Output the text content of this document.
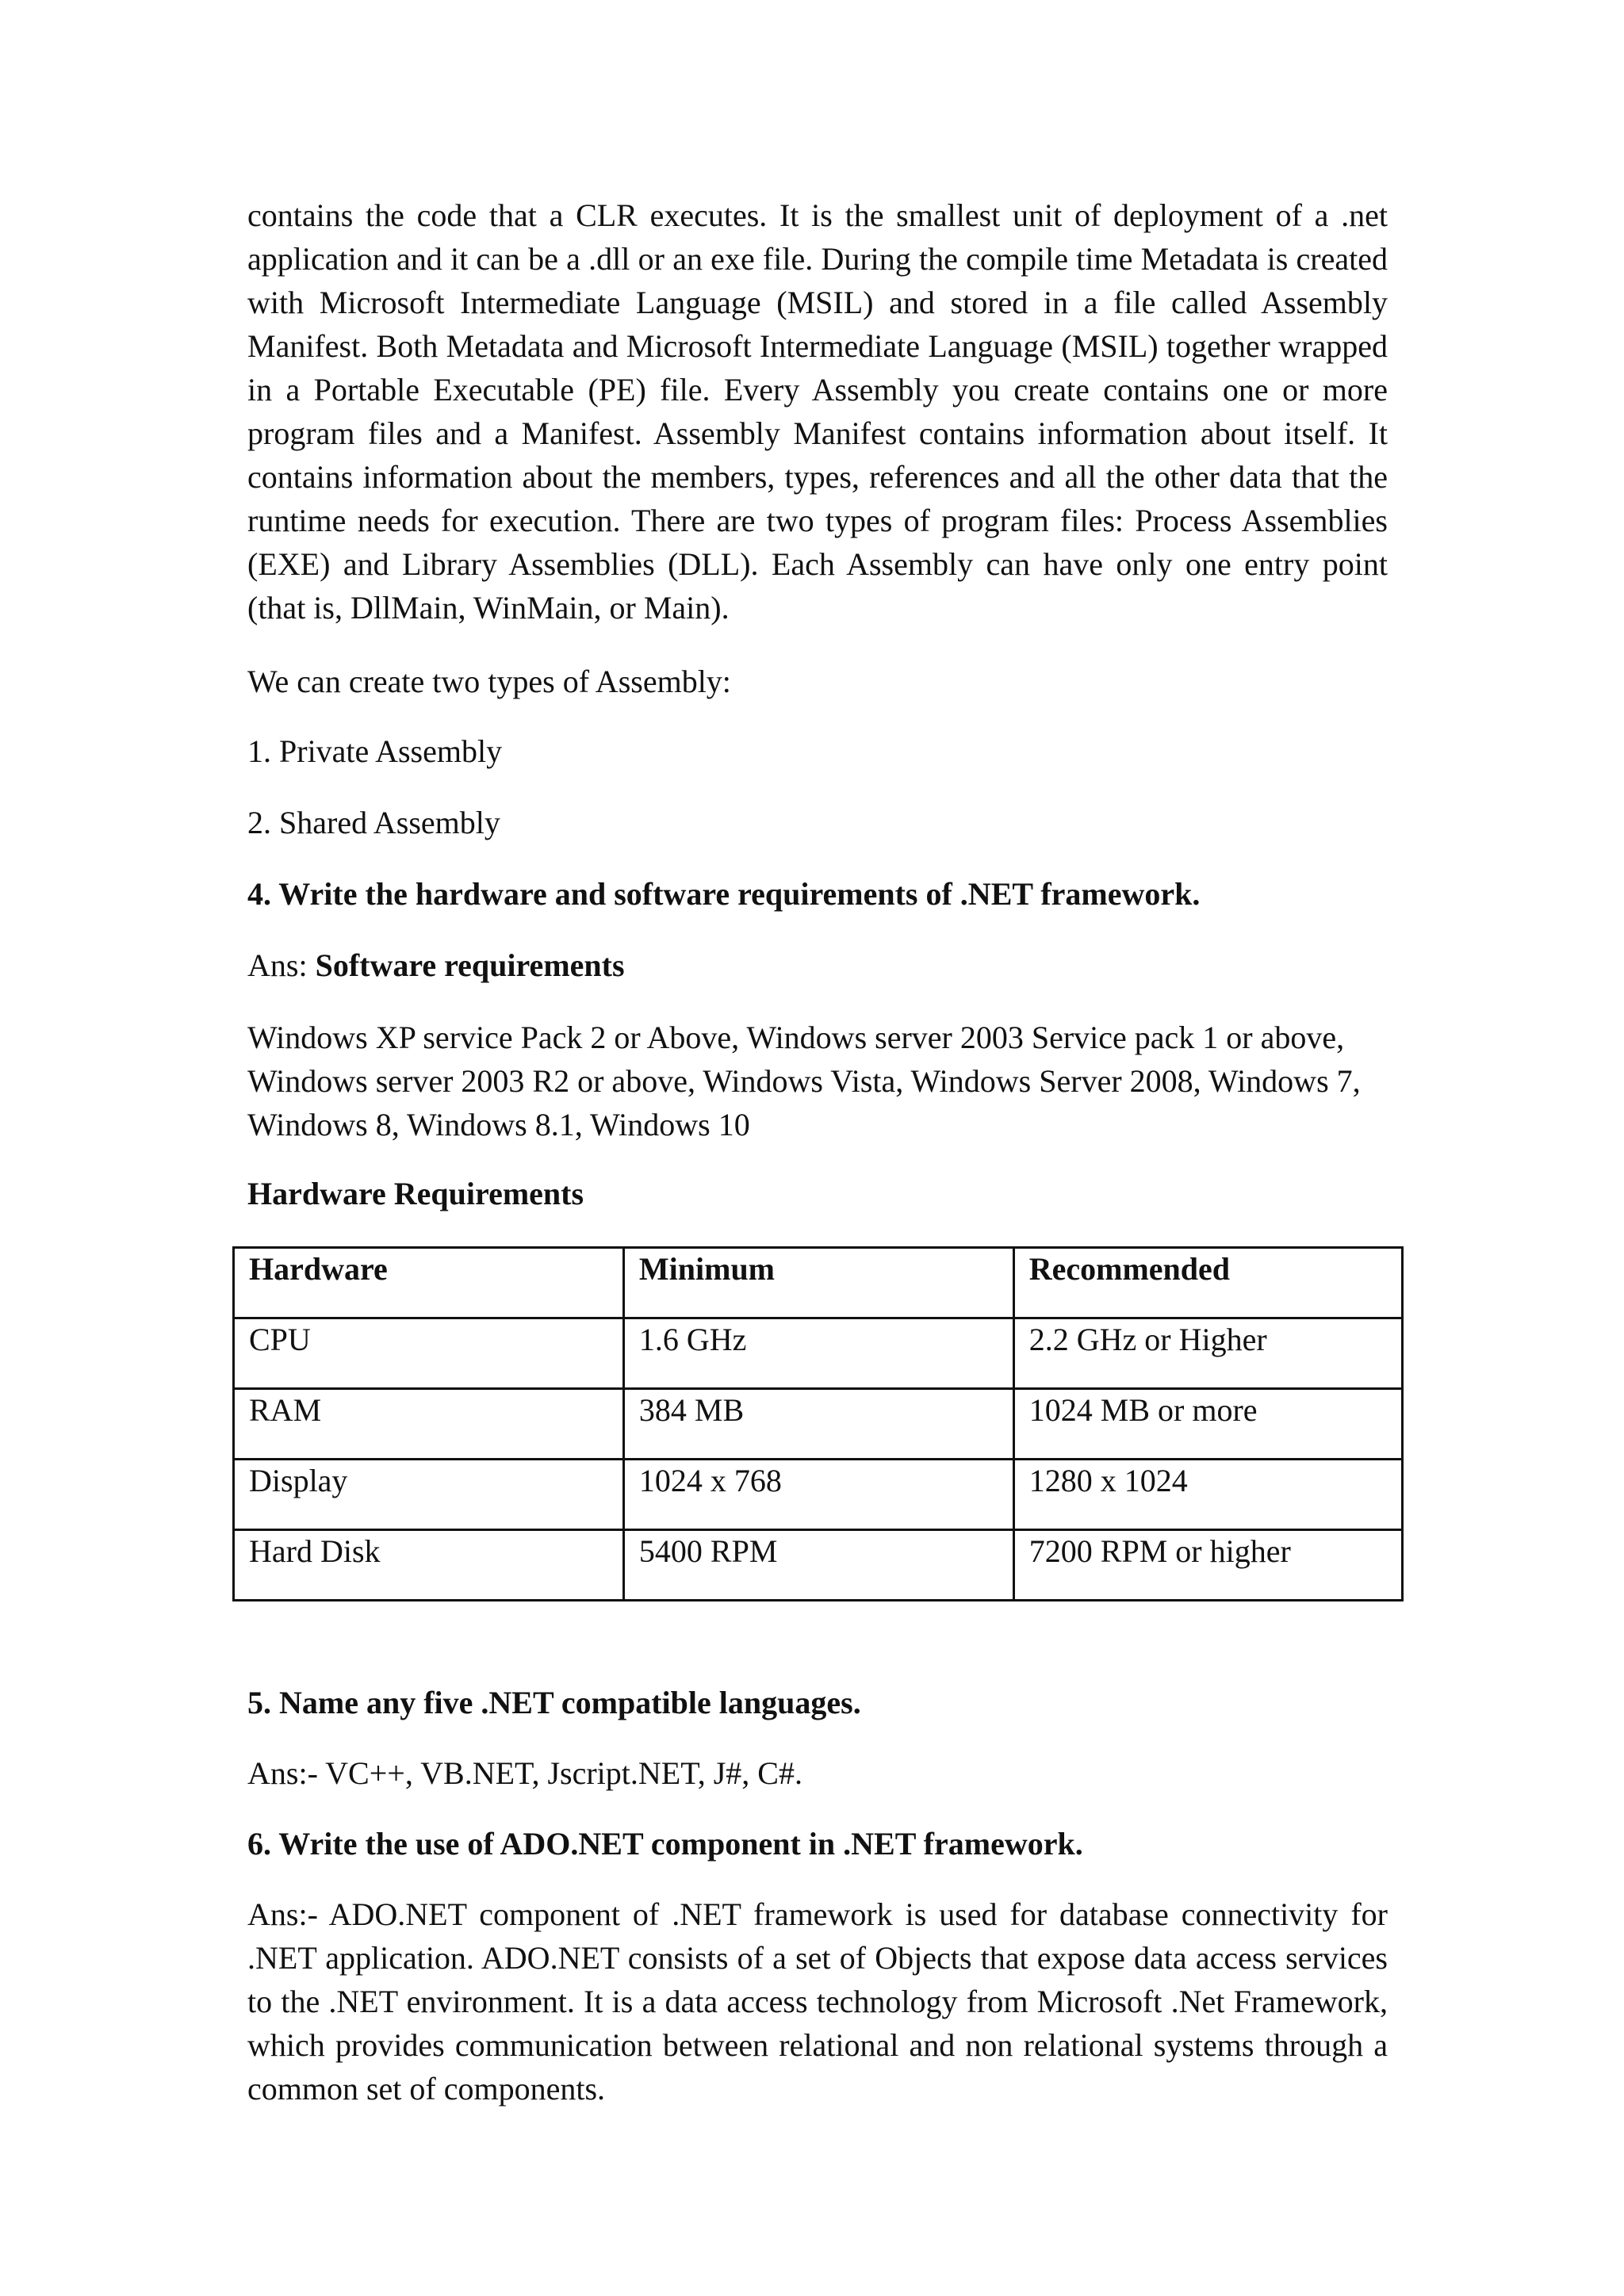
contains the code that a CLR executes. It is the smallest unit of deployment of a .net application and it can be a .dll or an exe file. During the compile time Metadata is created with Microsoft Intermediate Language (MSIL) and stored in a file called Assembly Manifest. Both Metadata and Microsoft Intermediate Language (MSIL) together wrapped in a Portable Executable (PE) file. Every Assembly you create contains one or more program files and a Manifest. Assembly Manifest contains information about itself. It contains information about the members, types, references and all the other data that the runtime needs for execution. There are two types of program files: Process Assemblies (EXE) and Library Assemblies (DLL). Each Assembly can have only one entry point (that is, DllMain, WinMain, or Main).

We can create two types of Assembly:

1. Private Assembly

2. Shared Assembly

4. Write the hardware and software requirements of .NET framework.

Ans: Software requirements

Windows XP service Pack 2 or Above, Windows server 2003 Service pack 1 or above, Windows server 2003 R2 or above, Windows Vista, Windows Server 2008, Windows 7, Windows 8, Windows 8.1, Windows 10

Hardware Requirements

Hardware	Minimum	Recommended
CPU	1.6 GHz	2.2 GHz or Higher
RAM	384 MB	1024 MB or more
Display	1024 x 768	1280 x 1024
Hard Disk	5400 RPM	7200 RPM or higher

5. Name any five .NET compatible languages.

Ans:- VC++, VB.NET, Jscript.NET, J#, C#.

6. Write the use of ADO.NET component in .NET framework.

Ans:- ADO.NET component of .NET framework is used for database connectivity for .NET application. ADO.NET consists of a set of Objects that expose data access services to the .NET environment. It is a data access technology from Microsoft .Net Framework, which provides communication between relational and non relational systems through a common set of components.
